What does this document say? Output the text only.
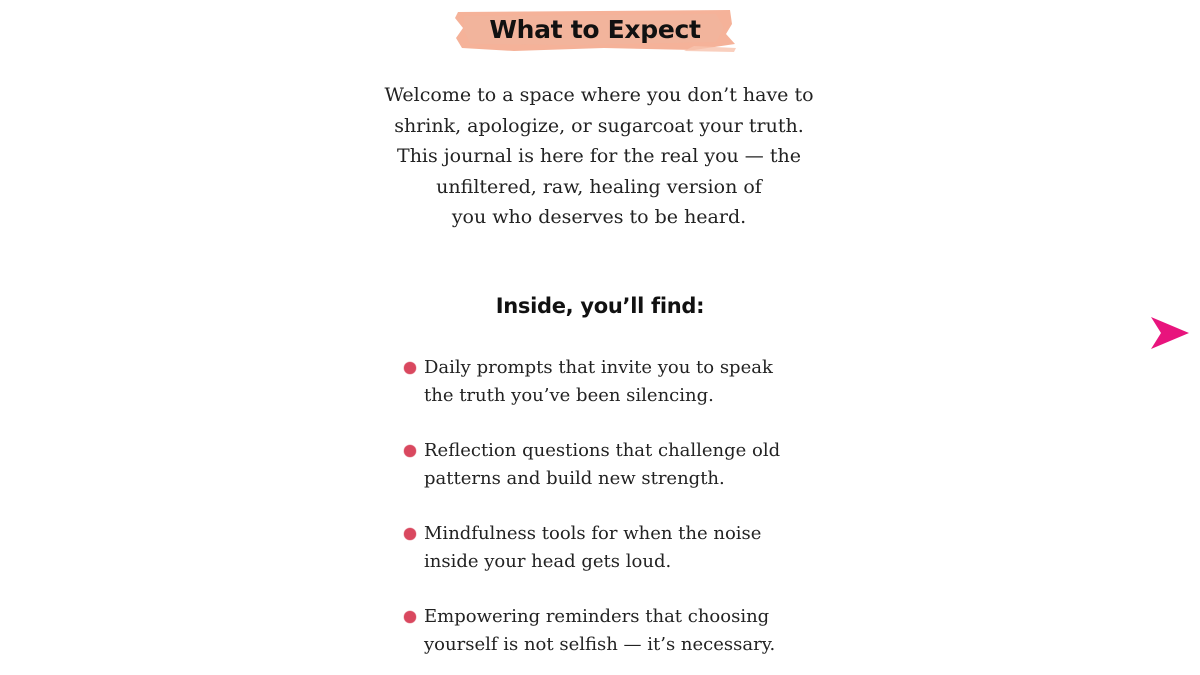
What to Expect
Welcome to a space where you don’t have to
shrink, apologize, or sugarcoat your truth.
This journal is here for the real you — the
unfiltered, raw, healing version of
you who deserves to be heard.
Inside, you’ll find:
Daily prompts that invite you to speak
the truth you’ve been silencing.
Reflection questions that challenge old
patterns and build new strength.
Mindfulness tools for when the noise
inside your head gets loud.
Empowering reminders that choosing
yourself is not selfish — it’s necessary.
